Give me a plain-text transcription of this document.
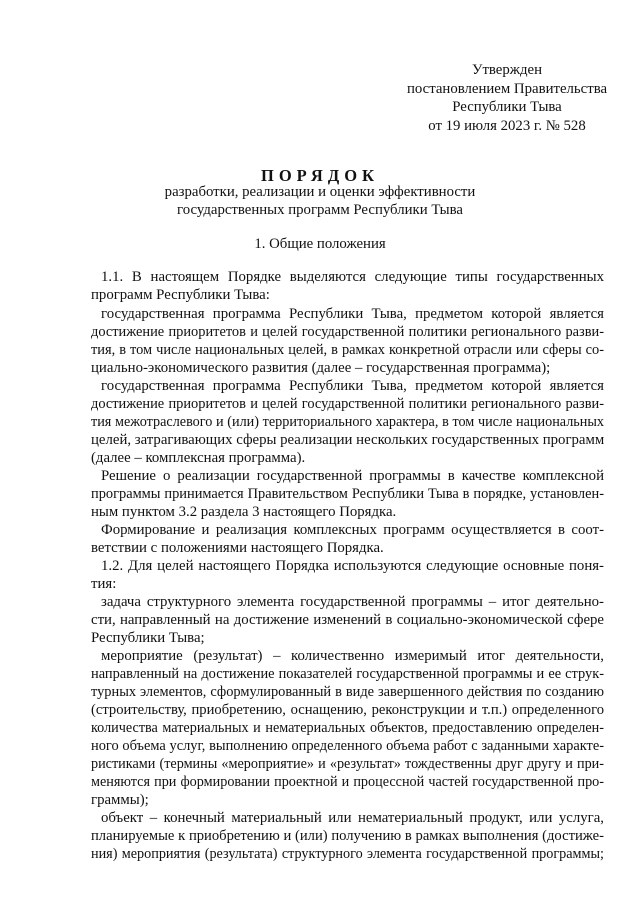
Утвержден
постановлением Правительства
Республики Тыва
от 19 июля 2023 г. № 528
ПОРЯДОК
разработки, реализации и оценки эффективности
государственных программ Республики Тыва
1. Общие положения
1.1. В настоящем Порядке выделяются следующие типы государственных
программ Республики Тыва:
государственная программа Республики Тыва, предметом которой является
достижение приоритетов и целей государственной политики регионального разви-
тия, в том числе национальных целей, в рамках конкретной отрасли или сферы со-
циально-экономического развития (далее – государственная программа);
государственная программа Республики Тыва, предметом которой является
достижение приоритетов и целей государственной политики регионального разви-
тия межотраслевого и (или) территориального характера, в том числе национальных
целей, затрагивающих сферы реализации нескольких государственных программ
(далее – комплексная программа).
Решение о реализации государственной программы в качестве комплексной
программы принимается Правительством Республики Тыва в порядке, установлен-
ным пунктом 3.2 раздела 3 настоящего Порядка.
Формирование и реализация комплексных программ осуществляется в соот-
ветствии с положениями настоящего Порядка.
1.2. Для целей настоящего Порядка используются следующие основные поня-
тия:
задача структурного элемента государственной программы – итог деятельно-
сти, направленный на достижение изменений в социально-экономической сфере
Республики Тыва;
мероприятие (результат) – количественно измеримый итог деятельности,
направленный на достижение показателей государственной программы и ее струк-
турных элементов, сформулированный в виде завершенного действия по созданию
(строительству, приобретению, оснащению, реконструкции и т.п.) определенного
количества материальных и нематериальных объектов, предоставлению определен-
ного объема услуг, выполнению определенного объема работ с заданными характе-
ристиками (термины «мероприятие» и «результат» тождественны друг другу и при-
меняются при формировании проектной и процессной частей государственной про-
граммы);
объект – конечный материальный или нематериальный продукт, или услуга,
планируемые к приобретению и (или) получению в рамках выполнения (достиже-
ния) мероприятия (результата) структурного элемента государственной программы;
